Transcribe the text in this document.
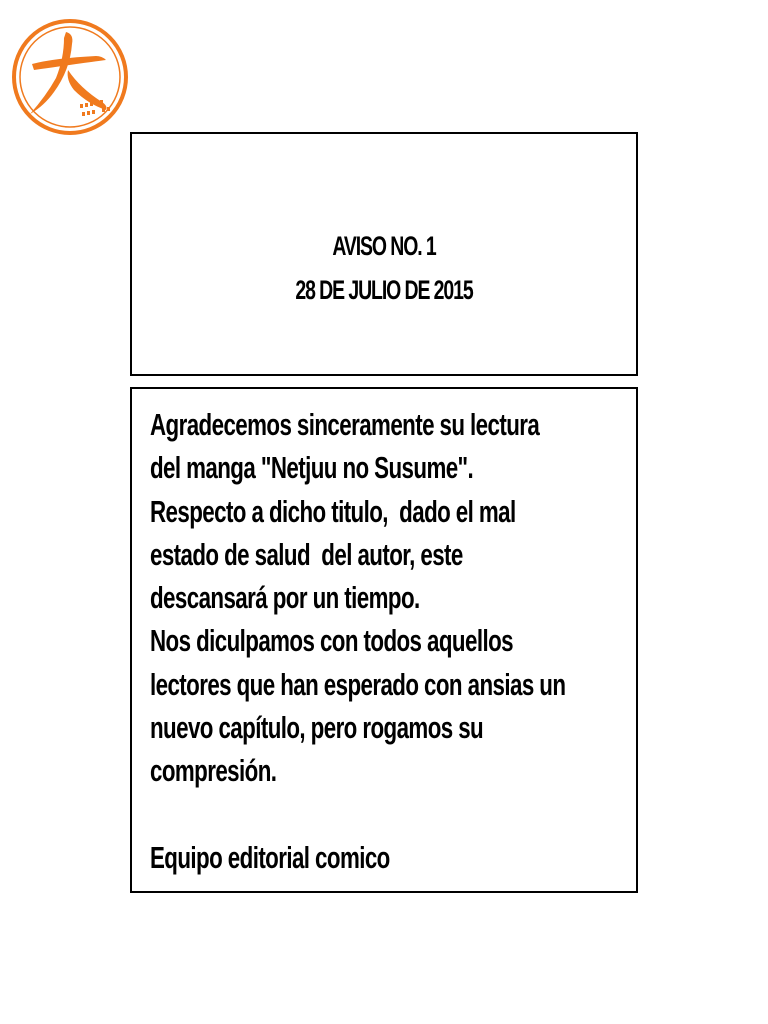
AVISO NO. 1
28 DE JULIO DE 2015
Agradecemos sinceramente su lectura
del manga "Netjuu no Susume".
Respecto a dicho titulo,  dado el mal
estado de salud  del autor, este
descansará por un tiempo.
Nos diculpamos con todos aquellos
lectores que han esperado con ansias un
nuevo capítulo, pero rogamos su
compresión.
Equipo editorial comico
